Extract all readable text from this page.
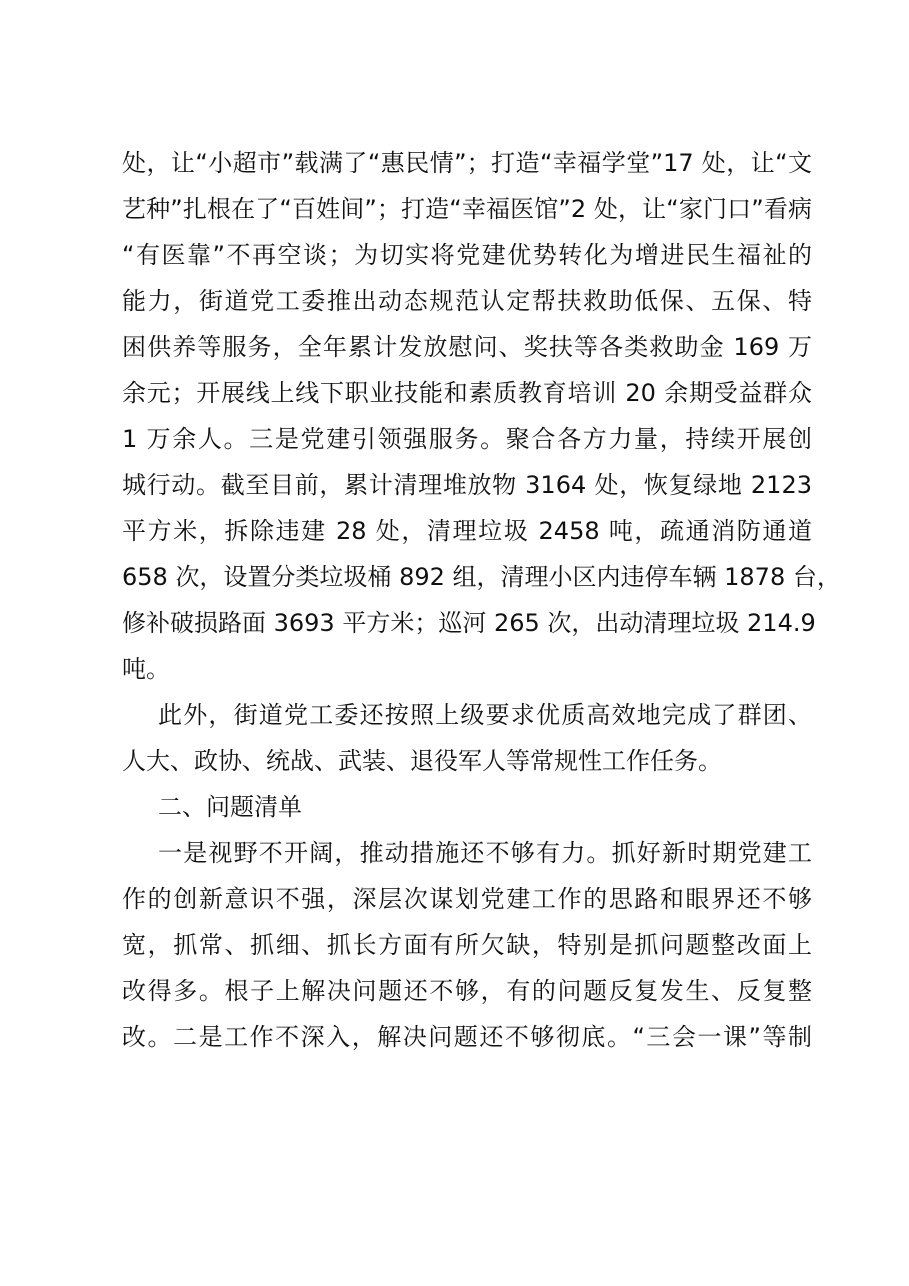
处，让“小超市”载满了“惠民情”；打造“幸福学堂”17 处，让“文
艺种”扎根在了“百姓间”；打造“幸福医馆”2 处，让“家门口”看病
“有医靠”不再空谈；为切实将党建优势转化为增进民生福祉的
能力，街道党工委推出动态规范认定帮扶救助低保、五保、特
困供养等服务，全年累计发放慰问、奖扶等各类救助金 169 万
余元；开展线上线下职业技能和素质教育培训 20 余期受益群众
1 万余人。三是党建引领强服务。聚合各方力量，持续开展创
城行动。截至目前，累计清理堆放物 3164 处，恢复绿地 2123
平方米，拆除违建 28 处，清理垃圾 2458 吨，疏通消防通道
658 次，设置分类垃圾桶 892 组，清理小区内违停车辆 1878 台，
修补破损路面 3693 平方米；巡河 265 次，出动清理垃圾 214.9
吨。
此外，街道党工委还按照上级要求优质高效地完成了群团、
人大、政协、统战、武装、退役军人等常规性工作任务。
二、问题清单
一是视野不开阔，推动措施还不够有力。抓好新时期党建工
作的创新意识不强，深层次谋划党建工作的思路和眼界还不够
宽，抓常、抓细、抓长方面有所欠缺，特别是抓问题整改面上
改得多。根子上解决问题还不够，有的问题反复发生、反复整
改。二是工作不深入，解决问题还不够彻底。“三会一课”等制
